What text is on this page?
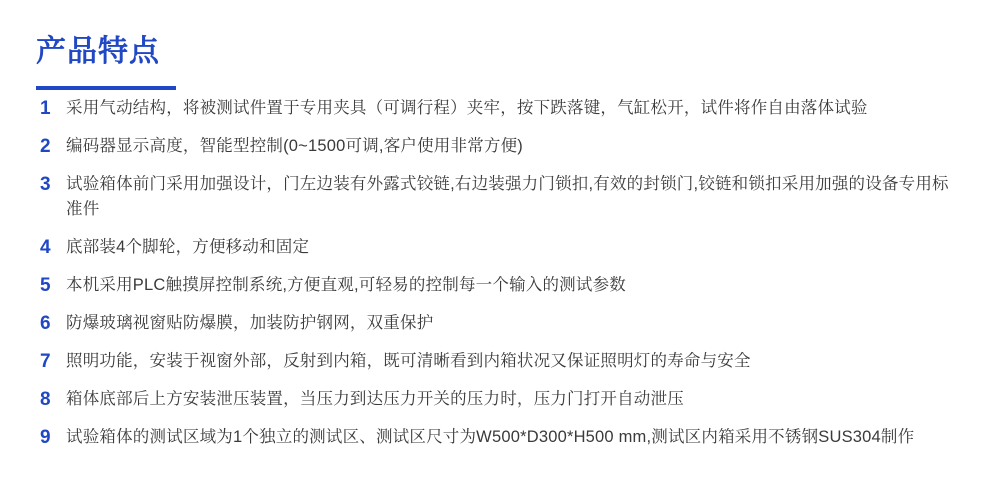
产品特点
1 采用气动结构，将被测试件置于专用夹具（可调行程）夹牢，按下跌落键，气缸松开，试件将作自由落体试验
2 编码器显示高度，智能型控制(0~1500可调,客户使用非常方便)
3 试验箱体前门采用加强设计，门左边装有外露式铰链,右边装强力门锁扣,有效的封锁门,铰链和锁扣采用加强的设备专用标准件
4 底部装4个脚轮，方便移动和固定
5 本机采用PLC触摸屏控制系统,方便直观,可轻易的控制每一个输入的测试参数
6 防爆玻璃视窗贴防爆膜，加装防护钢网，双重保护
7 照明功能，安装于视窗外部，反射到内箱，既可清晰看到内箱状况又保证照明灯的寿命与安全
8 箱体底部后上方安装泄压装置，当压力到达压力开关的压力时，压力门打开自动泄压
9 试验箱体的测试区域为1个独立的测试区、测试区尺寸为W500*D300*H500 mm,测试区内箱采用不锈钢SUS304制作
